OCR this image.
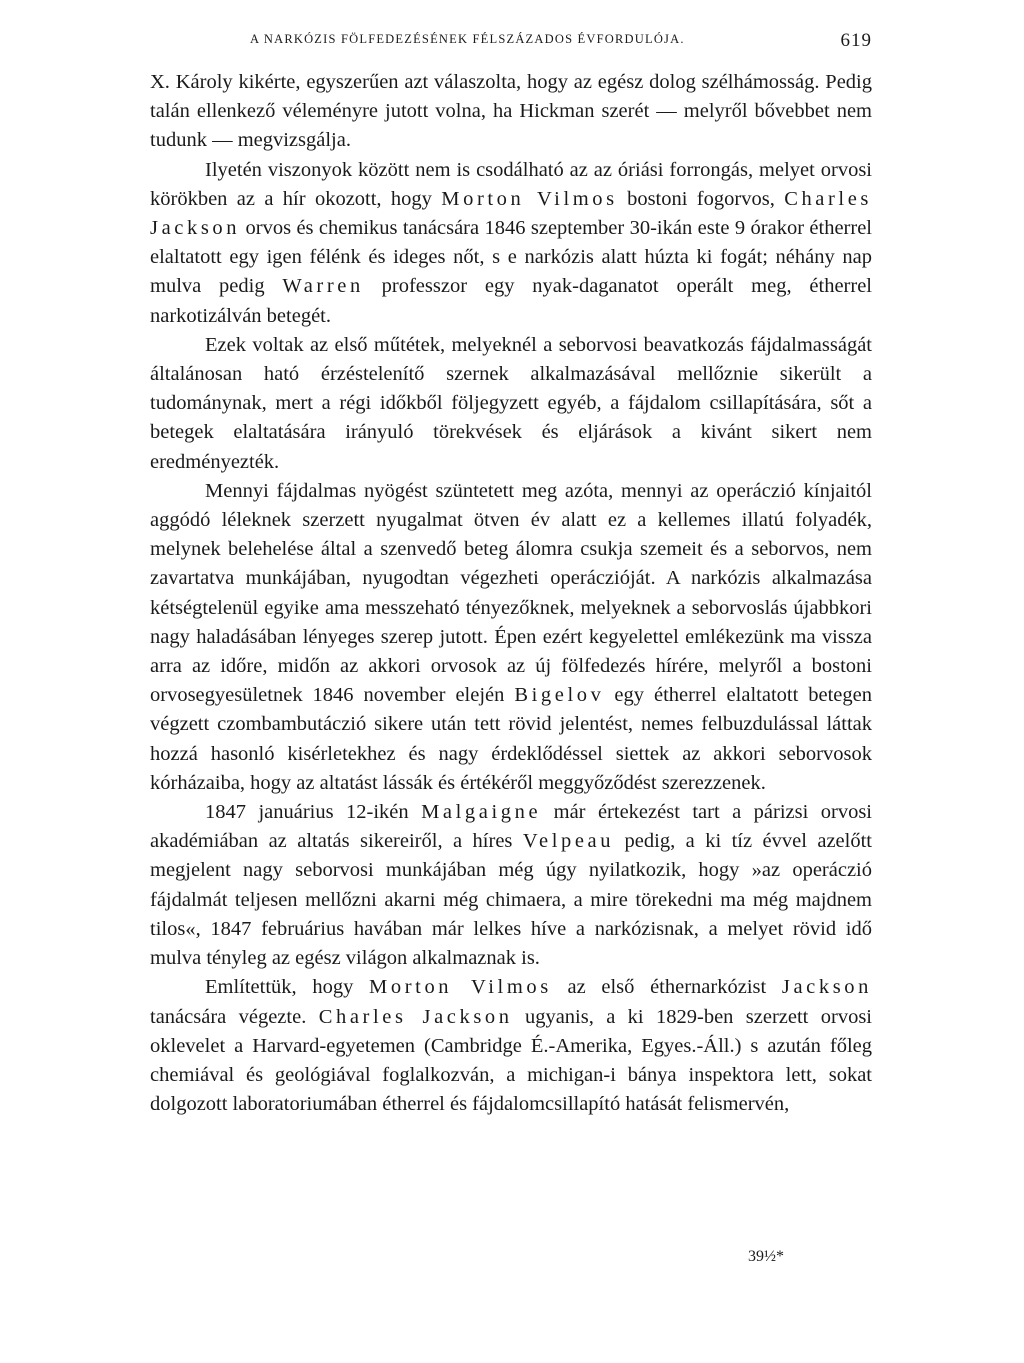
A NARKÓZIS FÖLFEDEZÉSÉNEK FÉLSZÁZADOS ÉVFORDULÓJA.	619

X. Károly kikérte, egyszerűen azt válaszolta, hogy az egész dolog szélhámosság. Pedig talán ellenkező véleményre jutott volna, ha Hickman szerét — melyről bővebbet nem tudunk — megvizsgálja.

Ilyetén viszonyok között nem is csodálható az az óriási forrongás, melyet orvosi körökben az a hír okozott, hogy Morton Vilmos bostoni fogorvos, Charles Jackson orvos és chemikus tanácsára 1846 szeptember 30-ikán este 9 órakor étherrel elaltatott egy igen félénk és ideges nőt, s e narkózis alatt húzta ki fogát; néhány nap mulva pedig Warren professzor egy nyak-daganatot operált meg, étherrel narkotizálván betegét.

Ezek voltak az első műtétek, melyeknél a seborvosi beavatkozás fájdalmasságát általánosan ható érzéstelenítő szernek alkalmazásával mellőznie sikerült a tudománynak, mert a régi időkből följegyzett egyéb, a fájdalom csillapítására, sőt a betegek elaltatására irányuló törekvések és eljárások a kivánt sikert nem eredményezték.

Mennyi fájdalmas nyögést szüntetett meg azóta, mennyi az operáczió kínjaitól aggódó léleknek szerzett nyugalmat ötven év alatt ez a kellemes illatú folyadék, melynek belehelése által a szenvedő beteg álomra csukja szemeit és a seborvos, nem zavartatva munkájában, nyugodtan végezheti operáczióját. A narkózis alkalmazása kétségtelenül egyike ama messzeható tényezőknek, melyeknek a seborvoslás újabbkori nagy haladásában lényeges szerep jutott. Épen ezért kegyelettel emlékezünk ma vissza arra az időre, midőn az akkori orvosok az új fölfedezés hírére, melyről a bostoni orvosegyesületnek 1846 november elején Bigelov egy étherrel elaltatott betegen végzett czombambutáczió sikere után tett rövid jelentést, nemes felbuzdulással láttak hozzá hasonló kisérletekhez és nagy érdeklődéssel siettek az akkori seborvosok kórházaiba, hogy az altatást lássák és értékéről meggyőződést szerezzenek.

1847 januárius 12-ikén Malgaigne már értekezést tart a párizsi orvosi akadémiában az altatás sikereiről, a híres Velpeau pedig, a ki tíz évvel azelőtt megjelent nagy seborvosi munkájában még úgy nyilatkozik, hogy »az operáczió fájdalmát teljesen mellőzni akarni még chimaera, a mire törekedni ma még majdnem tilos«, 1847 februárius havában már lelkes híve a narkózisnak, a melyet rövid idő mulva tényleg az egész világon alkalmaznak is.

Említettük, hogy Morton Vilmos az első éthernarkózist Jackson tanácsára végezte. Charles Jackson ugyanis, a ki 1829-ben szerzett orvosi oklevelet a Harvard-egyetemen (Cambridge É.-Amerika, Egyes.-Áll.) s azután főleg chemiával és geológiával foglalkozván, a michigan-i bánya inspektora lett, sokat dolgozott laboratoriumában étherrel és fájdalomcsillapító hatását felismervén,

39½*
